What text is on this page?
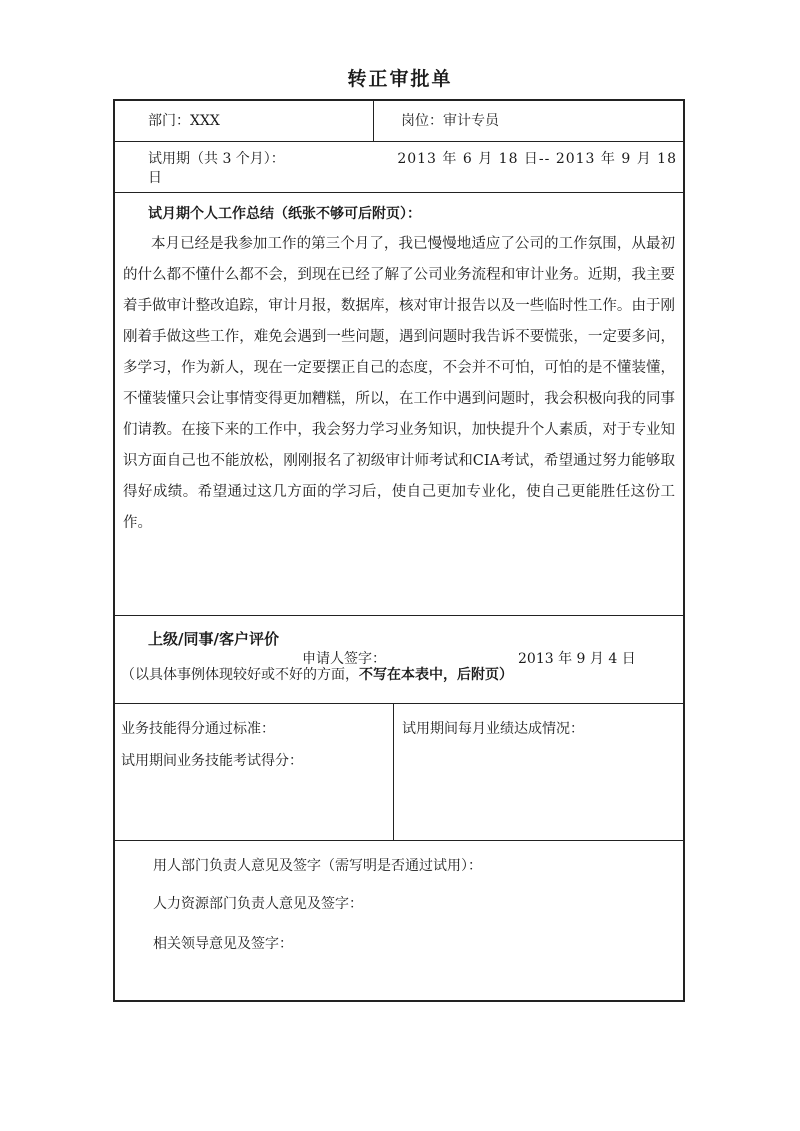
转正审批单
部门：XXX	岗位：审计专员
试用期（共 3 个月）：	2013 年 6 月 18 日-- 2013 年 9 月 18
日
试月期个人工作总结（纸张不够可后附页）：
本月已经是我参加工作的第三个月了，我已慢慢地适应了公司的工作氛围，从最初的什么都不懂什么都不会，到现在已经了解了公司业务流程和审计业务。近期，我主要着手做审计整改追踪，审计月报，数据库，核对审计报告以及一些临时性工作。由于刚刚着手做这些工作，难免会遇到一些问题，遇到问题时我告诉不要慌张，一定要多问，多学习，作为新人，现在一定要摆正自己的态度，不会并不可怕，可怕的是不懂装懂，不懂装懂只会让事情变得更加糟糕，所以，在工作中遇到问题时，我会积极向我的同事们请教。在接下来的工作中，我会努力学习业务知识，加快提升个人素质，对于专业知识方面自己也不能放松，刚刚报名了初级审计师考试和CIA考试，希望通过努力能够取得好成绩。希望通过这几方面的学习后，使自己更加专业化，使自己更能胜任这份工作。
申请人签字：	2013 年 9 月 4 日
上级/同事/客户评价
（以具体事例体现较好或不好的方面，不写在本表中，后附页）
业务技能得分通过标准：
试用期间业务技能考试得分：
试用期间每月业绩达成情况：
用人部门负责人意见及签字（需写明是否通过试用）：
人力资源部门负责人意见及签字：
相关领导意见及签字：
